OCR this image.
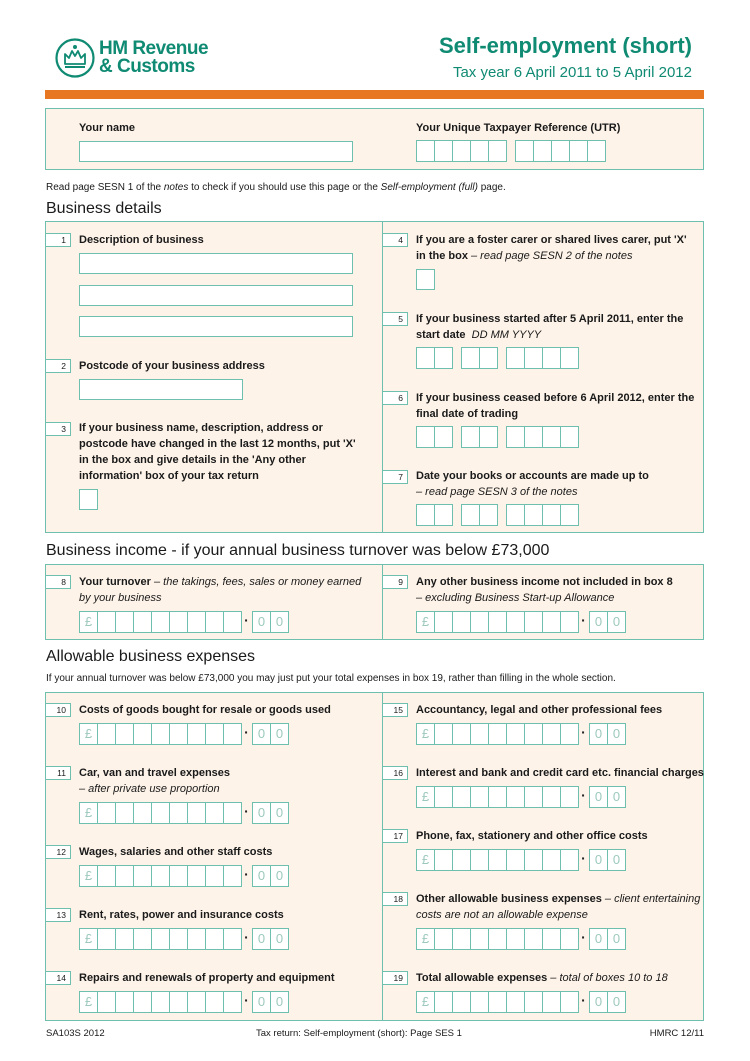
HM Revenue
& Customs
Self-employment (short)
Tax year 6 April 2011 to 5 April 2012
Your name	Your Unique Taxpayer Reference (UTR)
Read page SESN 1 of the notes to check if you should use this page or the Self-employment (full) page.
Business details
1	Description of business
2	Postcode of your business address
3	If your business name, description, address or postcode have changed in the last 12 months, put 'X' in the box and give details in the 'Any other information' box of your tax return
4	If you are a foster carer or shared lives carer, put 'X' in the box – read page SESN 2 of the notes
5	If your business started after 5 April 2011, enter the start date DD MM YYYY
6	If your business ceased before 6 April 2012, enter the final date of trading
7	Date your books or accounts are made up to
– read page SESN 3 of the notes
Business income - if your annual business turnover was below £73,000
8	Your turnover – the takings, fees, sales or money earned by your business
£	· 0 0
9	Any other business income not included in box 8
– excluding Business Start-up Allowance
£	· 0 0
Allowable business expenses
If your annual turnover was below £73,000 you may just put your total expenses in box 19, rather than filling in the whole section.
10	Costs of goods bought for resale or goods used
£	· 0 0
11	Car, van and travel expenses
– after private use proportion
£	· 0 0
12	Wages, salaries and other staff costs
£	· 0 0
13	Rent, rates, power and insurance costs
£	· 0 0
14	Repairs and renewals of property and equipment
£	· 0 0
15	Accountancy, legal and other professional fees
£	· 0 0
16	Interest and bank and credit card etc. financial charges
£	· 0 0
17	Phone, fax, stationery and other office costs
£	· 0 0
18	Other allowable business expenses – client entertaining costs are not an allowable expense
£	· 0 0
19	Total allowable expenses – total of boxes 10 to 18
£	· 0 0
SA103S 2012	Tax return: Self-employment (short): Page SES 1	HMRC 12/11
